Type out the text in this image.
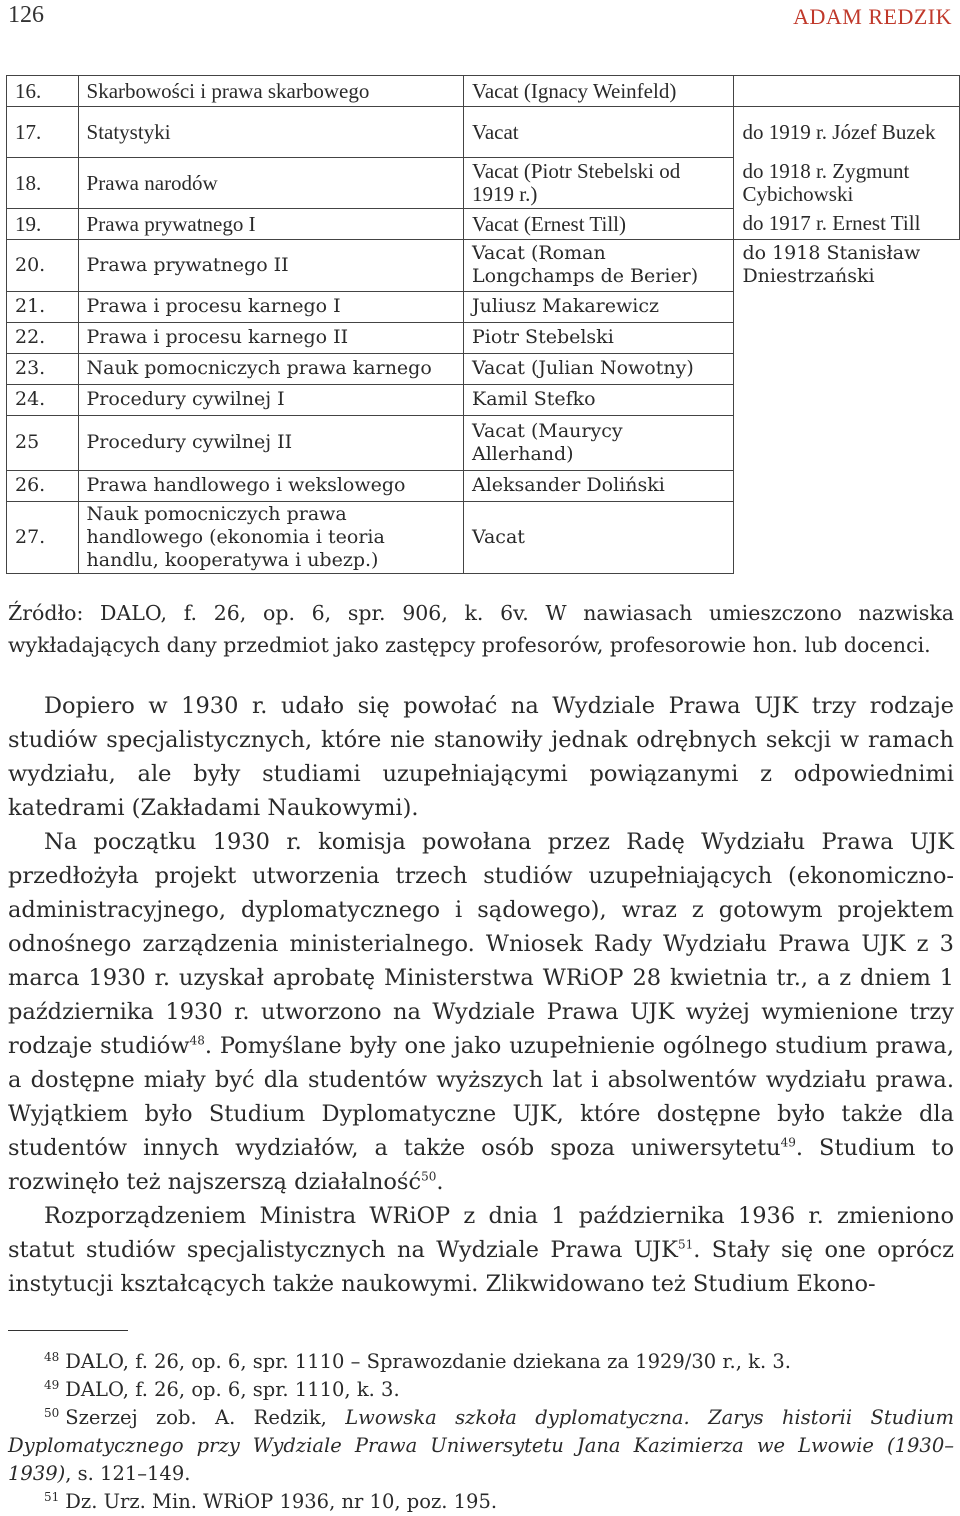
126	ADAM REDZIK
16.	Skarbowości i prawa skarbowego	Vacat (Ignacy Weinfeld)	
17.	Statystyki	Vacat	do 1919 r. Józef Buzek
18.	Prawa narodów	Vacat (Piotr Stebelski od 1919 r.)	do 1918 r. Zygmunt Cybichowski
19.	Prawa prywatnego I	Vacat (Ernest Till)	do 1917 r. Ernest Till
20.	Prawa prywatnego II	Vacat (Roman Longchamps de Berier)	do 1918 Stanisław Dniestrzański
21.	Prawa i procesu karnego I	Juliusz Makarewicz	
22.	Prawa i procesu karnego II	Piotr Stebelski	
23.	Nauk pomocniczych prawa karnego	Vacat (Julian Nowotny)	
24.	Procedury cywilnej I	Kamil Stefko	
25	Procedury cywilnej II	Vacat (Maurycy Allerhand)	
26.	Prawa handlowego i wekslowego	Aleksander Doliński	
27.	Nauk pomocniczych prawa handlowego (ekonomia i teoria handlu, kooperatywa i ubezp.)	Vacat	
Źródło: DALO, f. 26, op. 6, spr. 906, k. 6v. W nawiasach umieszczono nazwiska wykładających dany przedmiot jako zastępcy profesorów, profesorowie hon. lub docenci.

Dopiero w 1930 r. udało się powołać na Wydziale Prawa UJK trzy rodzaje studiów specjalistycznych, które nie stanowiły jednak odrębnych sekcji w ramach wydziału, ale były studiami uzupełniającymi powiązanymi z odpowiednimi katedrami (Zakładami Naukowymi).

Na początku 1930 r. komisja powołana przez Radę Wydziału Prawa UJK przedłożyła projekt utworzenia trzech studiów uzupełniających (ekonomiczno-administracyjnego, dyplomatycznego i sądowego), wraz z gotowym projektem odnośnego zarządzenia ministerialnego. Wniosek Rady Wydziału Prawa UJK z 3 marca 1930 r. uzyskał aprobatę Ministerstwa WRiOP 28 kwietnia tr., a z dniem 1 października 1930 r. utworzono na Wydziale Prawa UJK wyżej wymienione trzy rodzaje studiów$^{48}$. Pomyślane były one jako uzupełnienie ogólnego studium prawa, a dostępne miały być dla studentów wyższych lat i absolwentów wydziału prawa. Wyjątkiem było Studium Dyplomatyczne UJK, które dostępne było także dla studentów innych wydziałów, a także osób spoza uniwersytetu$^{49}$. Studium to rozwinęło też najszerszą działalność$^{50}$.

Rozporządzeniem Ministra WRiOP z dnia 1 października 1936 r. zmieniono statut studiów specjalistycznych na Wydziale Prawa UJK$^{51}$. Stały się one oprócz instytucji kształcących także naukowymi. Zlikwidowano też Studium Ekono-

$^{48}$ DALO, f. 26, op. 6, spr. 1110 – Sprawozdanie dziekana za 1929/30 r., k. 3.

$^{49}$ DALO, f. 26, op. 6, spr. 1110, k. 3.

$^{50}$ Szerzej zob. A. Redzik, Lwowska szkoła dyplomatyczna. Zarys historii Studium Dyplomatycznego przy Wydziale Prawa Uniwersytetu Jana Kazimierza we Lwowie (1930–1939), s. 121–149.

$^{51}$ Dz. Urz. Min. WRiOP 1936, nr 10, poz. 195.
